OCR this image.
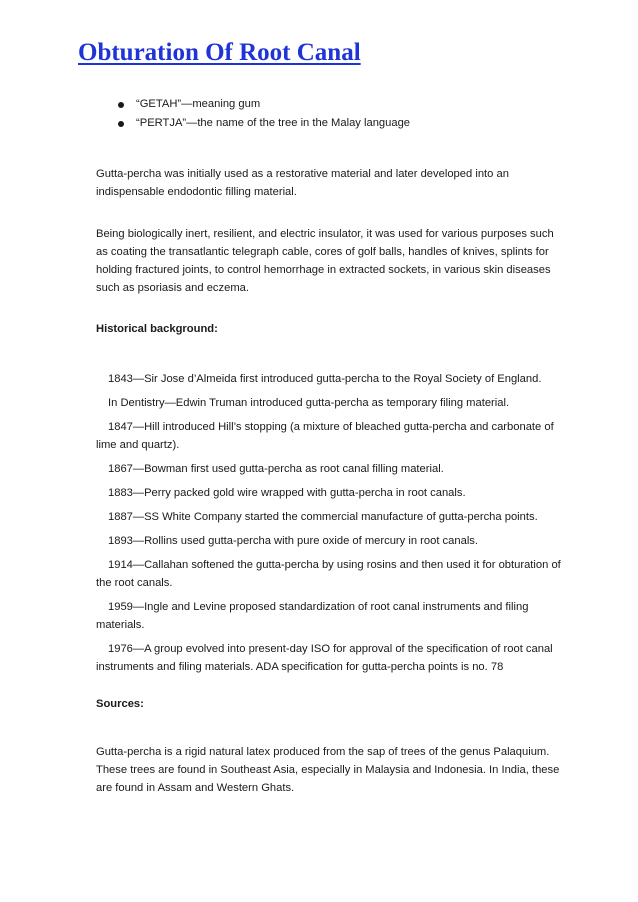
Obturation Of Root Canal
“GETAH”—meaning gum
“PERTJA”—the name of the tree in the Malay language

Gutta-percha was initially used as a restorative material and later developed into an indispensable endodontic filling material.

Being biologically inert, resilient, and electric insulator, it was used for various purposes such as coating the transatlantic telegraph cable, cores of golf balls, handles of knives, splints for holding fractured joints, to control hemorrhage in extracted sockets, in various skin diseases such as psoriasis and eczema.

Historical background:
1843—Sir Jose d’Almeida first introduced gutta-percha to the Royal Society of England.
In Dentistry—Edwin Truman introduced gutta-percha as temporary filing material.
1847—Hill introduced Hill’s stopping (a mixture of bleached gutta-percha and carbonate of lime and quartz).
1867—Bowman first used gutta-percha as root canal filling material.
1883—Perry packed gold wire wrapped with gutta-percha in root canals.
1887—SS White Company started the commercial manufacture of gutta-percha points.
1893—Rollins used gutta-percha with pure oxide of mercury in root canals.
1914—Callahan softened the gutta-percha by using rosins and then used it for obturation of the root canals.
1959—Ingle and Levine proposed standardization of root canal instruments and filing materials.
1976—A group evolved into present-day ISO for approval of the specification of root canal instruments and filing materials. ADA specification for gutta-percha points is no. 78
Sources:

Gutta-percha is a rigid natural latex produced from the sap of trees of the genus Palaquium. These trees are found in Southeast Asia, especially in Malaysia and Indonesia. In India, these are found in Assam and Western Ghats.
